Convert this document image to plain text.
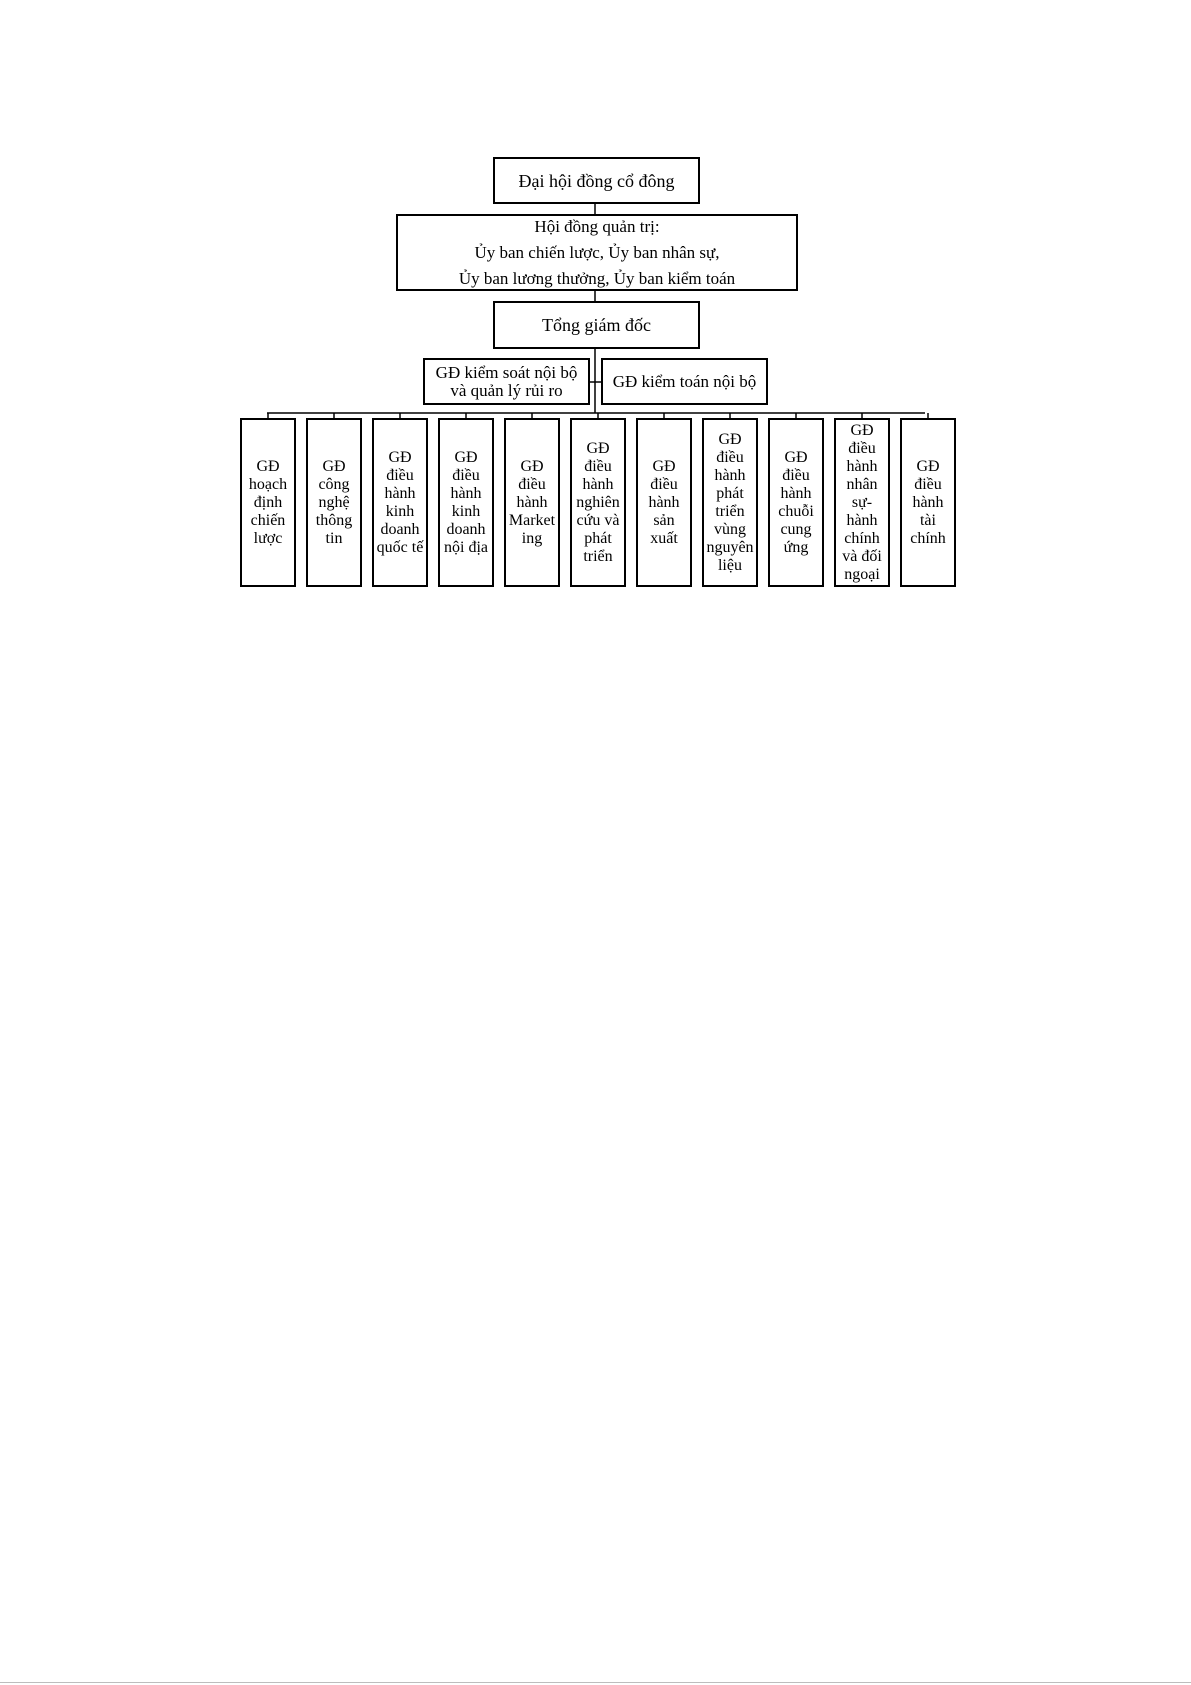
Đại hội đồng cổ đông
Hội đồng quản trị:
Ủy ban chiến lược, Ủy ban nhân sự,
Ủy ban lương thưởng, Ủy ban kiểm toán
Tổng giám đốc
GĐ kiểm soát nội bộ
và quản lý rủi ro	GĐ kiểm toán nội bộ
GĐ
hoạch
định
chiến
lược
GĐ
công
nghệ
thông
tin
GĐ
điều
hành
kinh
doanh
quốc tế
GĐ
điều
hành
kinh
doanh
nội địa
GĐ
điều
hành
Market
ing
GĐ
điều
hành
nghiên
cứu và
phát
triển
GĐ
điều
hành
sản
xuất
GĐ
điều
hành
phát
triển
vùng
nguyên
liệu
GĐ
điều
hành
chuỗi
cung
ứng
GĐ
điều
hành
nhân
sự-
hành
chính
và đối
ngoại
GĐ
điều
hành
tài
chính
